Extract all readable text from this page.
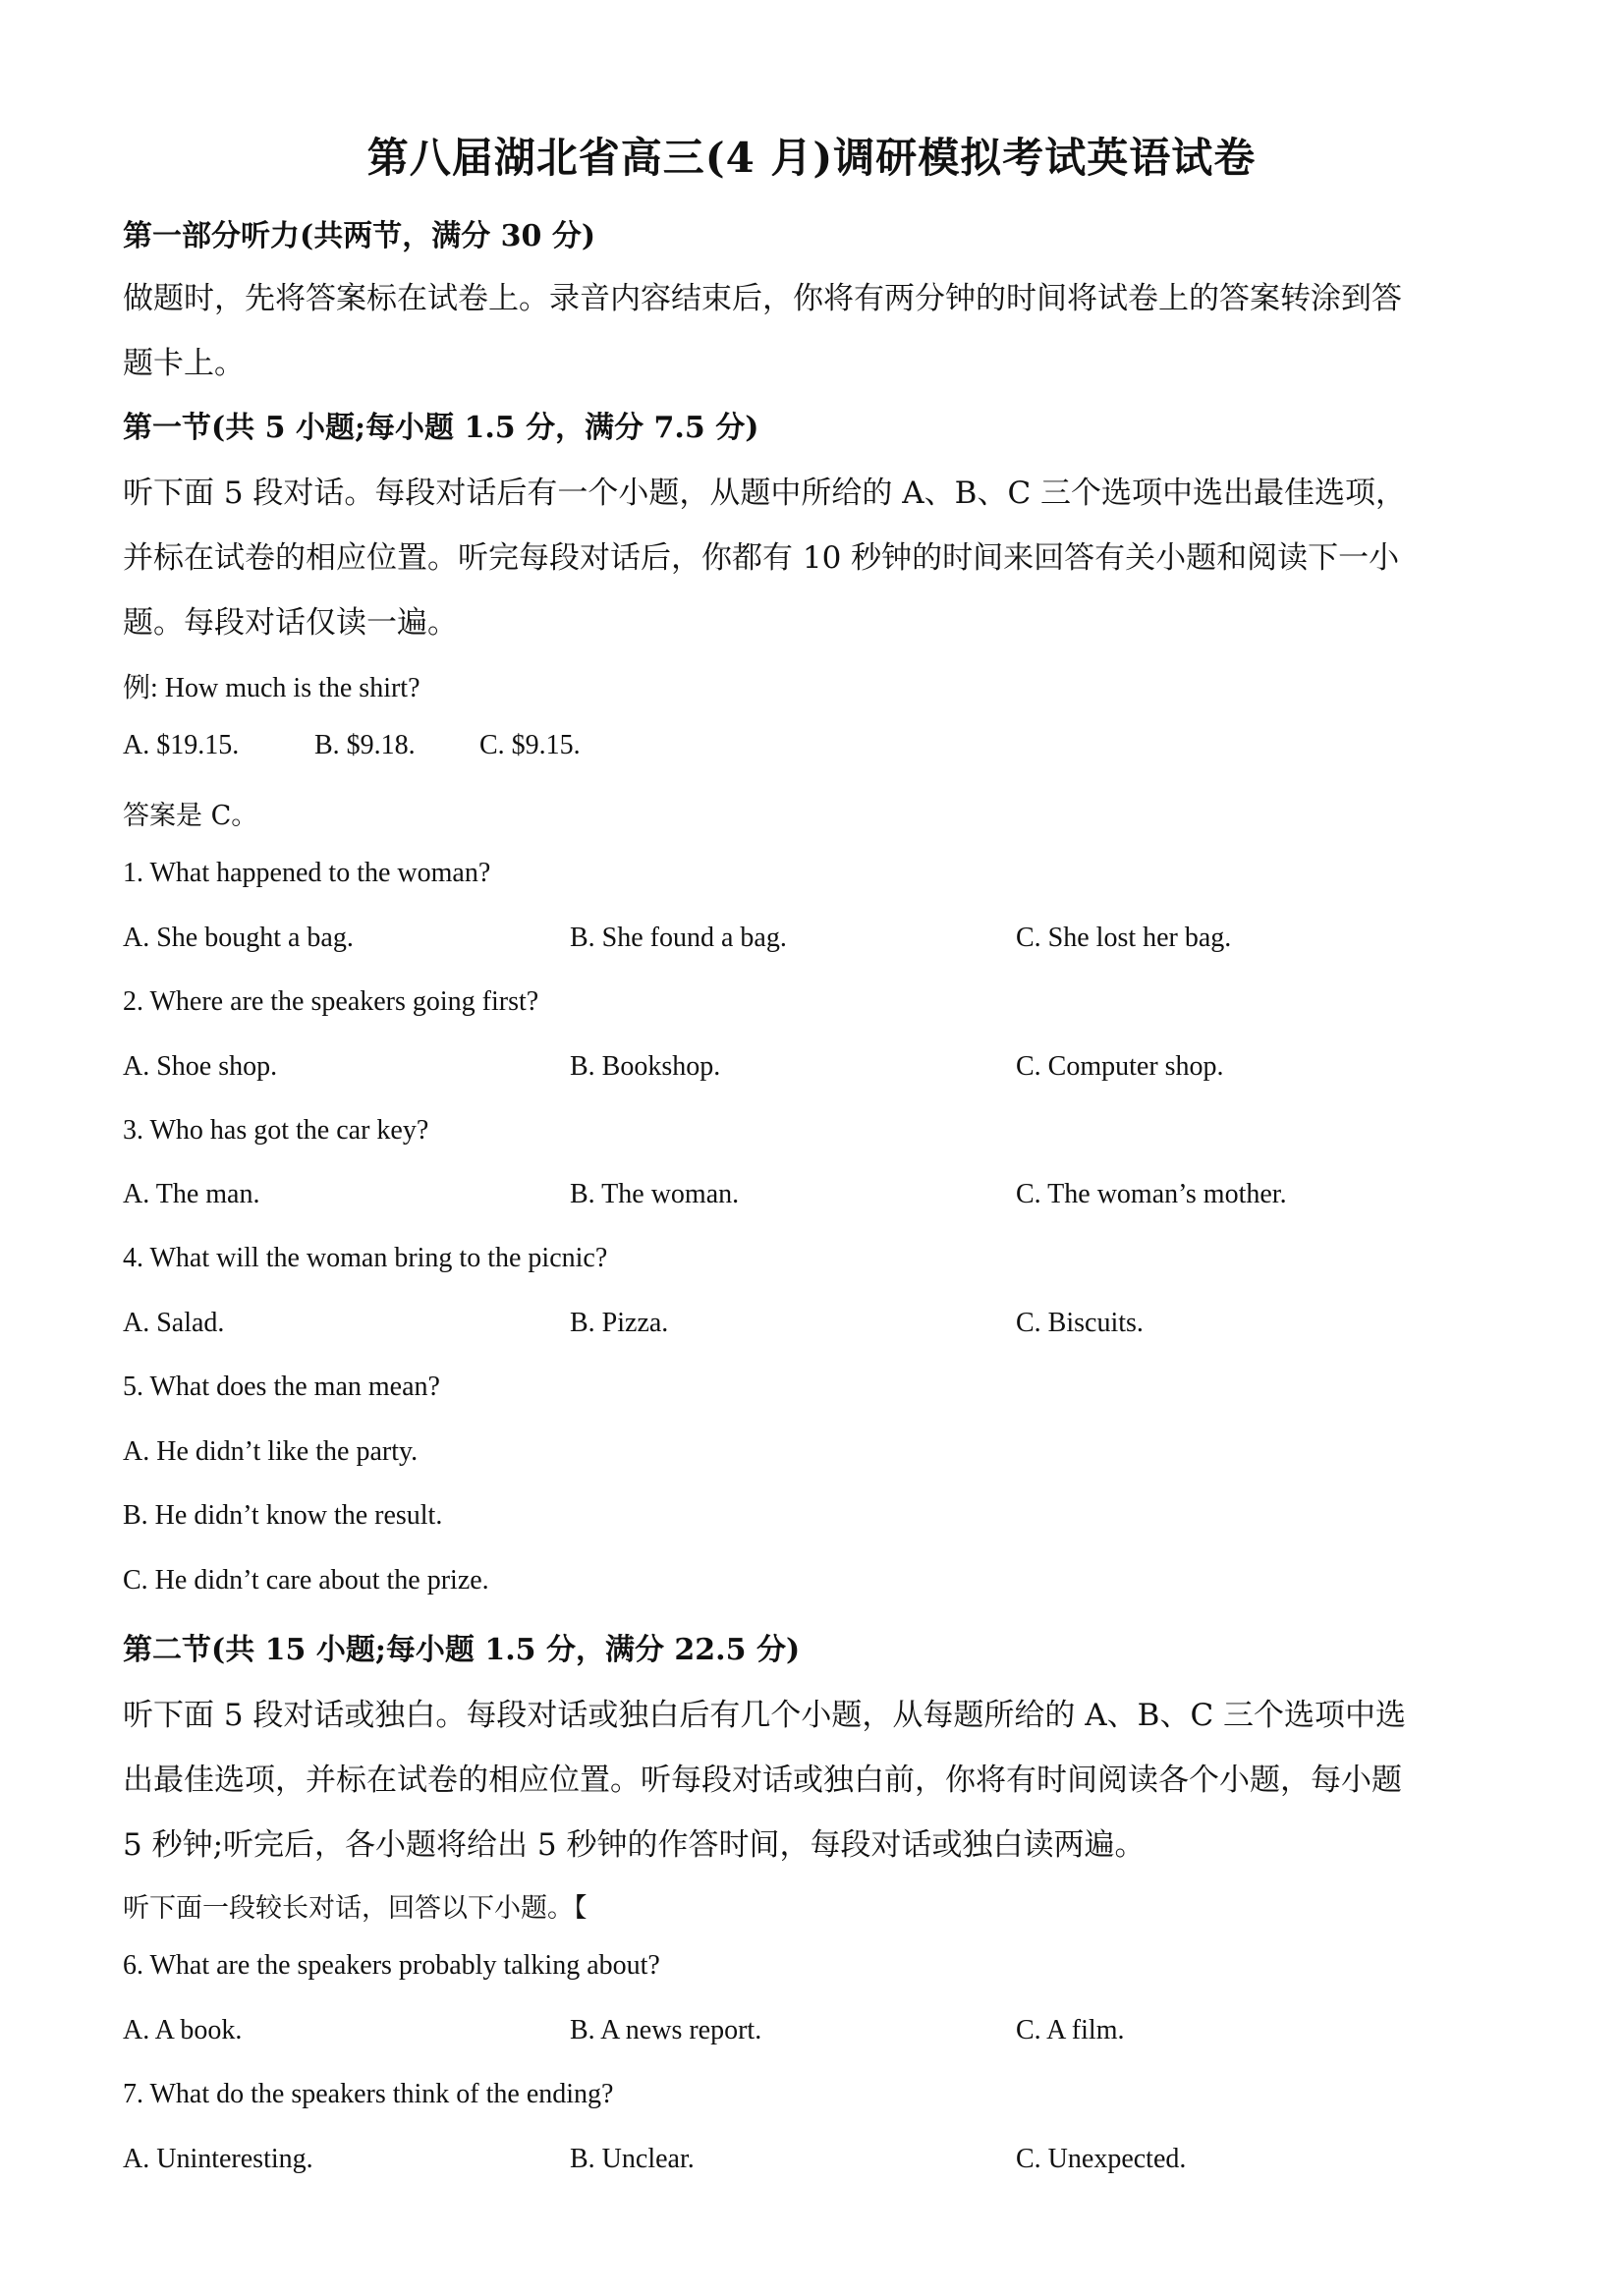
第八届湖北省高三(4 月)调研模拟考试英语试卷
第一部分听力(共两节，满分 30 分)
做题时，先将答案标在试卷上。录音内容结束后，你将有两分钟的时间将试卷上的答案转涂到答
题卡上。
第一节(共 5 小题;每小题 1.5 分，满分 7.5 分)
听下面 5 段对话。每段对话后有一个小题，从题中所给的 A、B、C 三个选项中选出最佳选项，
并标在试卷的相应位置。听完每段对话后，你都有 10 秒钟的时间来回答有关小题和阅读下一小
题。每段对话仅读一遍。
例: How much is the shirt?
A. $19.15.	B. $9.18. C. $9.15.
答案是 C。
1. What happened to the woman?
A. She bought a bag.	B. She found a bag.	C. She lost her bag.
2. Where are the speakers going first?
A. Shoe shop.	B. Bookshop.	C. Computer shop.
3. Who has got the car key?
A. The man.	B. The woman.	C. The woman’s mother.
4. What will the woman bring to the picnic?
A. Salad.	B. Pizza.	C. Biscuits.
5. What does the man mean?
A. He didn’t like the party.
B. He didn’t know the result.
C. He didn’t care about the prize.
第二节(共 15 小题;每小题 1.5 分，满分 22.5 分)
听下面 5 段对话或独白。每段对话或独白后有几个小题，从每题所给的 A、B、C 三个选项中选
出最佳选项，并标在试卷的相应位置。听每段对话或独白前，你将有时间阅读各个小题，每小题
5 秒钟;听完后，各小题将给出 5 秒钟的作答时间，每段对话或独白读两遍。
听下面一段较长对话，回答以下小题。【
6. What are the speakers probably talking about?
A. A book.	B. A news report.	C. A film.
7. What do the speakers think of the ending?
A. Uninteresting.	B. Unclear.	C. Unexpected.
